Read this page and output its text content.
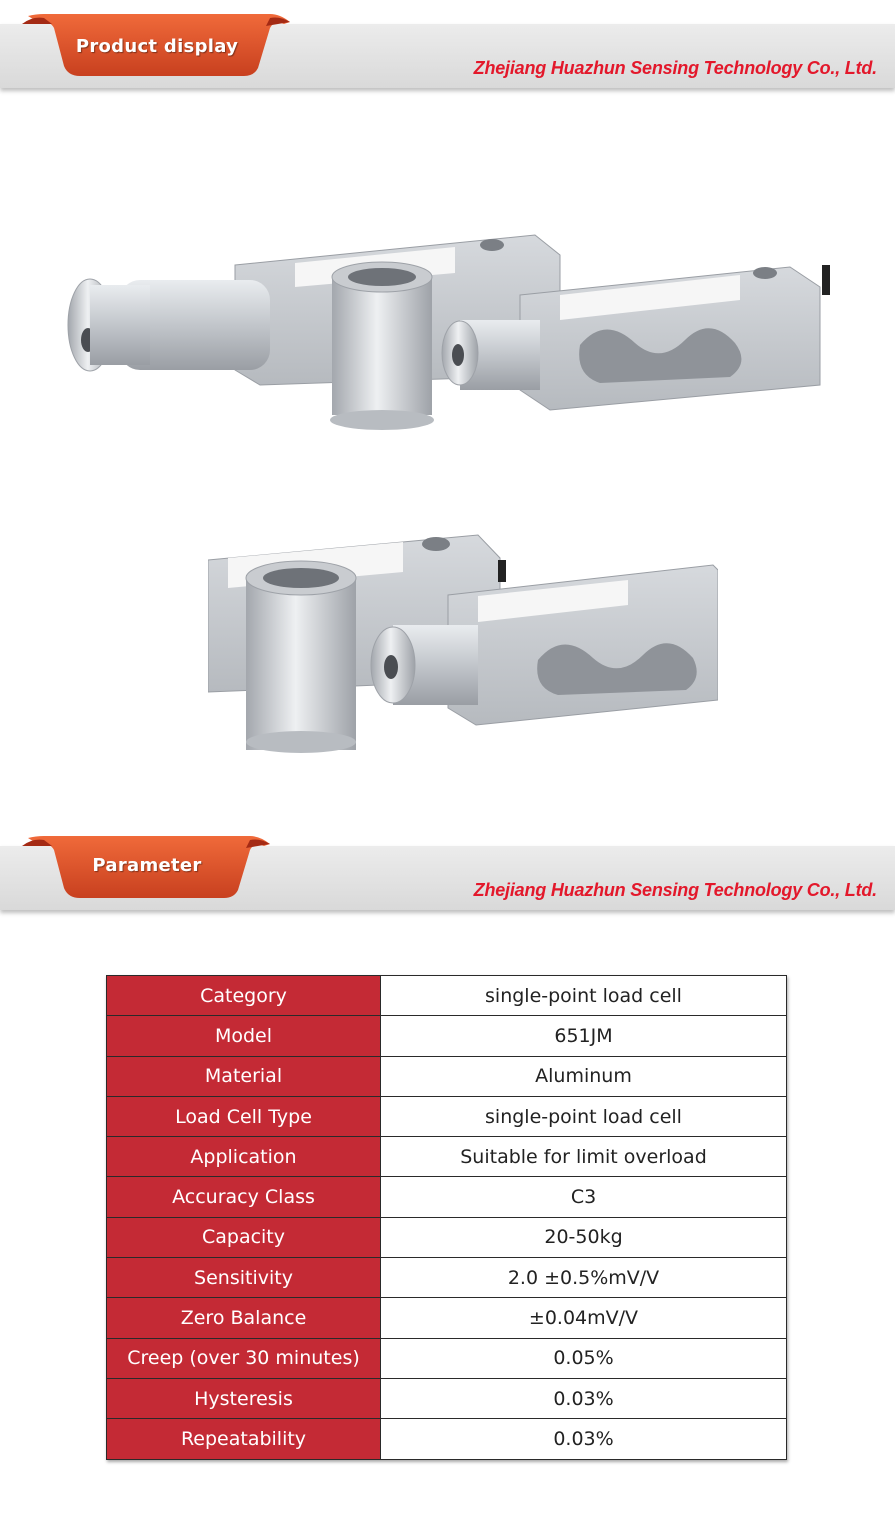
Product display
Zhejiang Huazhun Sensing Technology Co., Ltd.
Parameter
Zhejiang Huazhun Sensing Technology Co., Ltd.
Category	single-point load cell
Model	651JM
Material	Aluminum
Load Cell Type	single-point load cell
Application	Suitable for limit overload
Accuracy Class	C3
Capacity	20-50kg
Sensitivity	2.0 ±0.5%mV/V
Zero Balance	±0.04mV/V
Creep (over 30 minutes)	0.05%
Hysteresis	0.03%
Repeatability	0.03%
